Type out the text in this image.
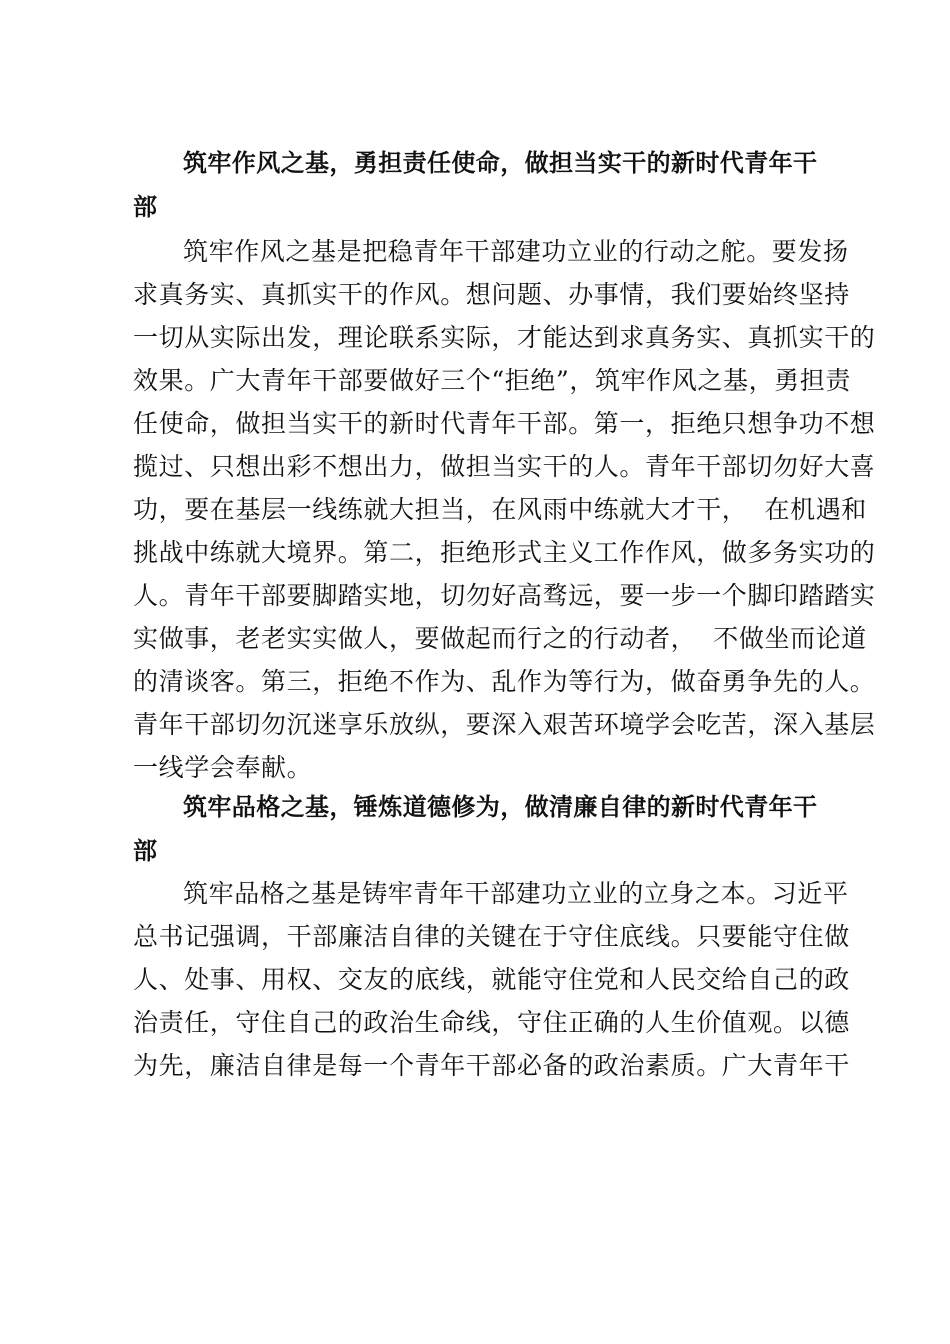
筑牢作风之基，勇担责任使命，做担当实干的新时代青年干
部
筑牢作风之基是把稳青年干部建功立业的行动之舵。要发扬
求真务实、真抓实干的作风。想问题、办事情，我们要始终坚持
一切从实际出发，理论联系实际，才能达到求真务实、真抓实干的
效果。广大青年干部要做好三个“拒绝”，筑牢作风之基，勇担责
任使命，做担当实干的新时代青年干部。第一，拒绝只想争功不想
揽过、只想出彩不想出力，做担当实干的人。青年干部切勿好大喜
功，要在基层一线练就大担当，在风雨中练就大才干，  在机遇和
挑战中练就大境界。第二，拒绝形式主义工作作风，做多务实功的
人。青年干部要脚踏实地，切勿好高骛远，要一步一个脚印踏踏实
实做事，老老实实做人，要做起而行之的行动者，  不做坐而论道
的清谈客。第三，拒绝不作为、乱作为等行为，做奋勇争先的人。
青年干部切勿沉迷享乐放纵，要深入艰苦环境学会吃苦，深入基层
一线学会奉献。
筑牢品格之基，锤炼道德修为，做清廉自律的新时代青年干
部
筑牢品格之基是铸牢青年干部建功立业的立身之本。习近平
总书记强调，干部廉洁自律的关键在于守住底线。只要能守住做
人、处事、用权、交友的底线，就能守住党和人民交给自己的政
治责任，守住自己的政治生命线，守住正确的人生价值观。以德
为先，廉洁自律是每一个青年干部必备的政治素质。广大青年干
